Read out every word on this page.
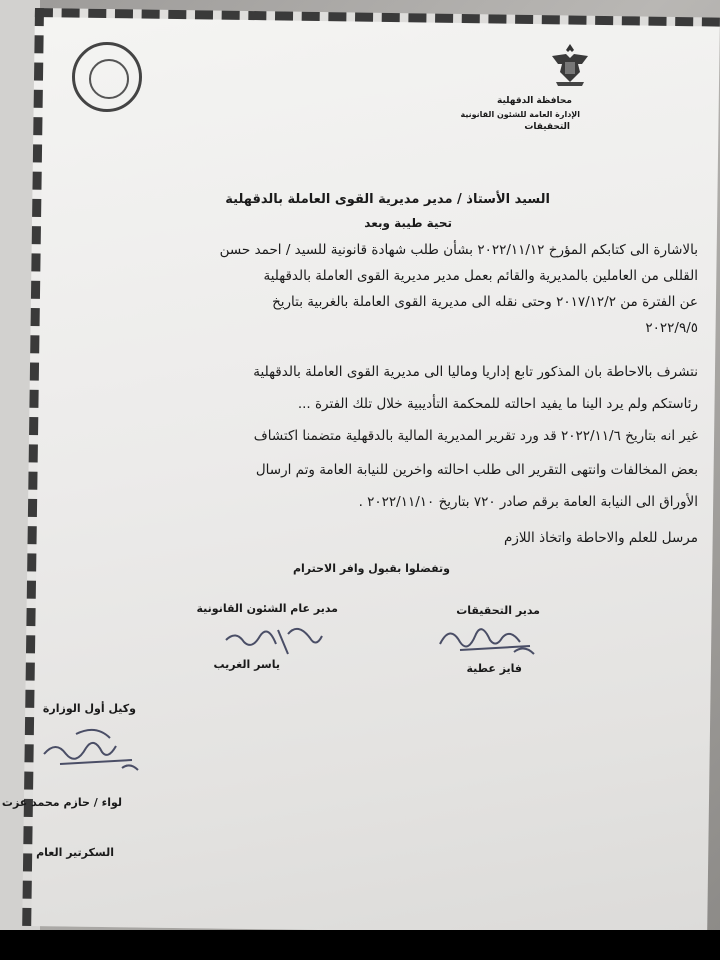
محافظة الدقهلية
الإدارة العامة للشئون القانونية
التحقيقات
السيد الأستاذ / مدير مديرية القوى العاملة بالدقهلية
تحية طيبة وبعد
بالاشارة الى كتابكم المؤرخ ٢٠٢٢/١١/١٢ بشأن طلب شهادة قانونية للسيد / احمد حسن
القللى من العاملين بالمديرية والقائم بعمل مدير مديرية القوى العاملة بالدقهلية
عن الفترة من ٢٠١٧/١٢/٢ وحتى نقله الى مديرية القوى العاملة بالغربية بتاريخ
٢٠٢٢/٩/٥
نتشرف بالاحاطة بان المذكور تابع إداريا وماليا الى مديرية القوى العاملة بالدقهلية
رئاستكم ولم يرد الينا ما يفيد احالته للمحكمة التأديبية خلال تلك الفترة ...
غير انه بتاريخ ٢٠٢٢/١١/٦ قد ورد تقرير المديرية المالية بالدقهلية متضمنا اكتشاف
بعض المخالفات وانتهى التقرير الى طلب احالته واخرين للنيابة العامة وتم ارسال
الأوراق الى النيابة العامة برقم صادر ٧٢٠ بتاريخ ٢٠٢٢/١١/١٠ .
مرسل للعلم والاحاطة واتخاذ اللازم
وتفضلوا بقبول وافر الاحترام
مدير التحقيقات
فايز عطية
مدير عام الشئون القانونية
ياسر الغريب
وكيل أول الوزارة
لواء / حازم محمد عزت
السكرتير العام
